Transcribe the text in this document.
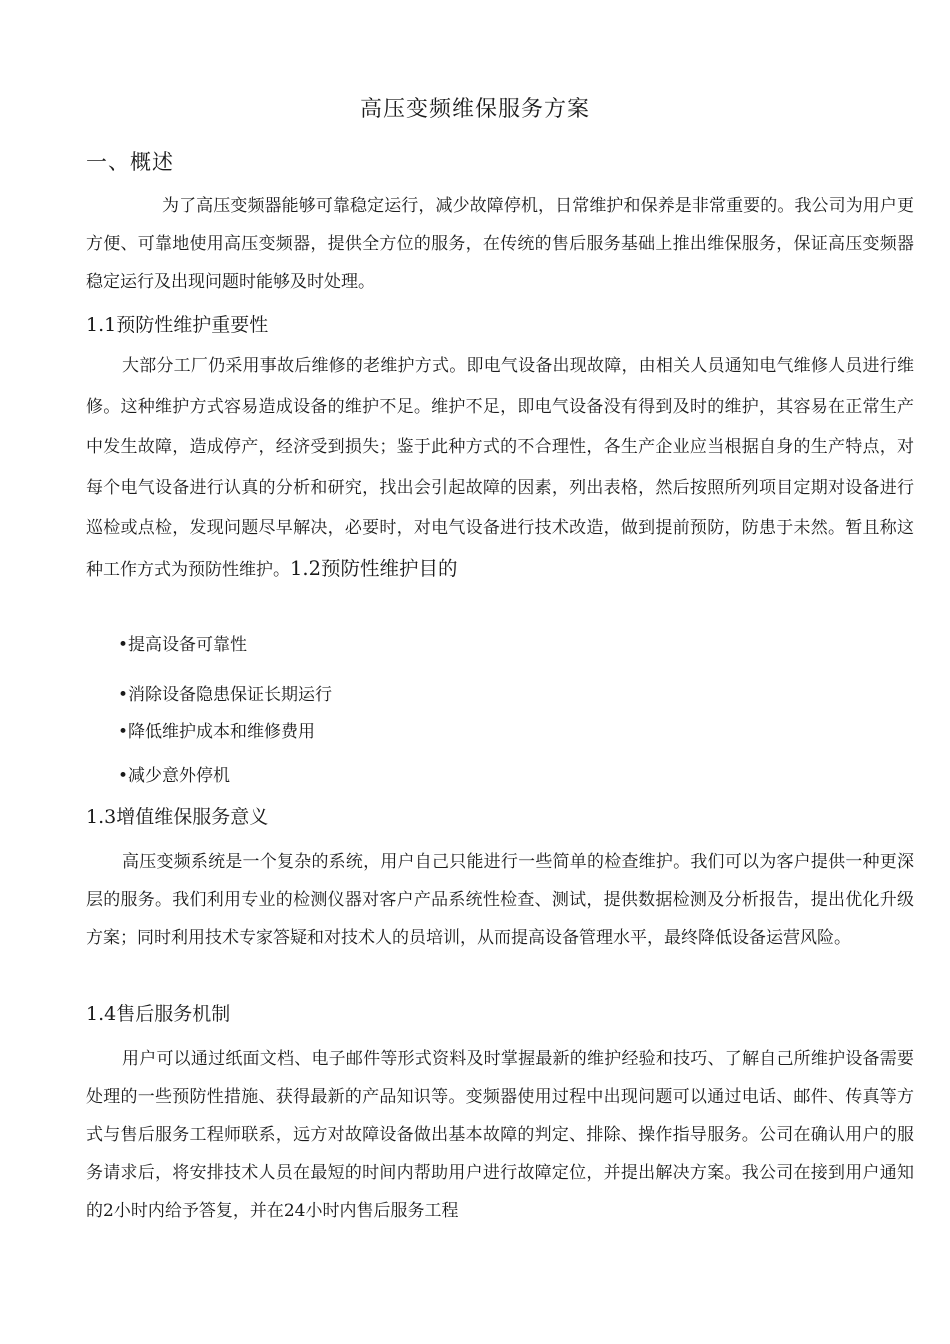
高压变频维保服务方案
一、概述
为了高压变频器能够可靠稳定运行，减少故障停机，日常维护和保养是非常重要的。我公司为用户更方便、可靠地使用高压变频器，提供全方位的服务，在传统的售后服务基础上推出维保服务，保证高压变频器稳定运行及出现问题时能够及时处理。
1.1预防性维护重要性
大部分工厂仍采用事故后维修的老维护方式。即电气设备出现故障，由相关人员通知电气维修人员进行维修。这种维护方式容易造成设备的维护不足。维护不足，即电气设备没有得到及时的维护，其容易在正常生产中发生故障，造成停产，经济受到损失；鉴于此种方式的不合理性，各生产企业应当根据自身的生产特点，对每个电气设备进行认真的分析和研究，找出会引起故障的因素，列出表格，然后按照所列项目定期对设备进行巡检或点检，发现问题尽早解决，必要时，对电气设备进行技术改造，做到提前预防，防患于未然。暂且称这种工作方式为预防性维护。1.2预防性维护目的
•提高设备可靠性
•消除设备隐患保证长期运行
•降低维护成本和维修费用
•减少意外停机
1.3增值维保服务意义
高压变频系统是一个复杂的系统，用户自己只能进行一些简单的检查维护。我们可以为客户提供一种更深层的服务。我们利用专业的检测仪器对客户产品系统性检查、测试，提供数据检测及分析报告，提出优化升级方案；同时利用技术专家答疑和对技术人的员培训，从而提高设备管理水平，最终降低设备运营风险。
1.4售后服务机制
用户可以通过纸面文档、电子邮件等形式资料及时掌握最新的维护经验和技巧、了解自己所维护设备需要处理的一些预防性措施、获得最新的产品知识等。变频器使用过程中出现问题可以通过电话、邮件、传真等方式与售后服务工程师联系，远方对故障设备做出基本故障的判定、排除、操作指导服务。公司在确认用户的服务请求后，将安排技术人员在最短的时间内帮助用户进行故障定位，并提出解决方案。我公司在接到用户通知的2小时内给予答复，并在24小时内售后服务工程
